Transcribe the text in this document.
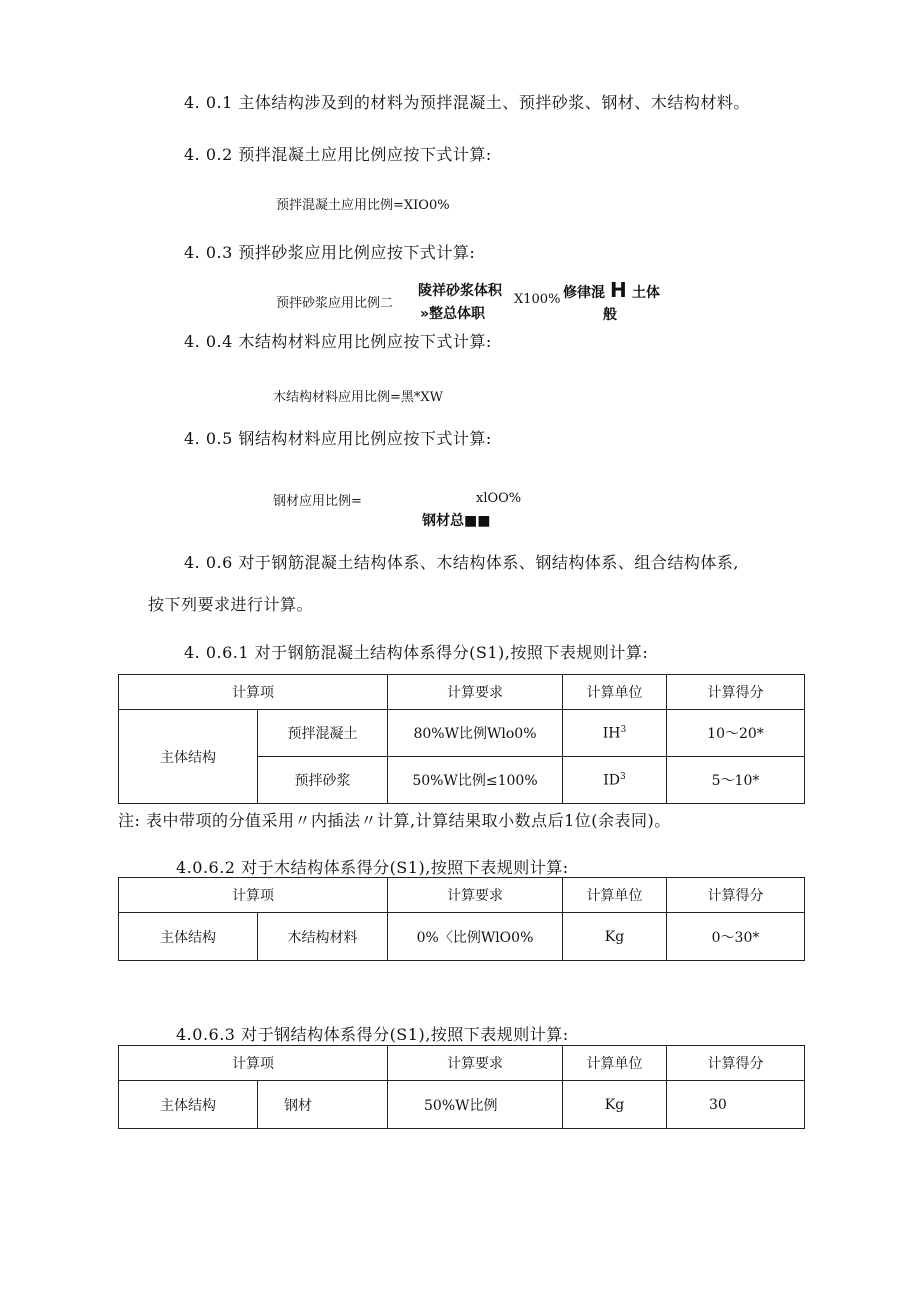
4. 0.1 主体结构涉及到的材料为预拌混凝土、预拌砂浆、钢材、木结构材料。
4. 0.2 预拌混凝土应用比例应按下式计算:
预拌混凝土应用比例=XIO0%
4. 0.3 预拌砂浆应用比例应按下式计算:
预拌砂浆应用比例二
陵祥砂浆体积
»整总体职
X100% 修律混 H 土体
般
4. 0.4 木结构材料应用比例应按下式计算:
木结构材料应用比例=黑*XW
4. 0.5 钢结构材料应用比例应按下式计算:
钢材应用比例=	xlOO%
钢材总■■
4. 0.6 对于钢筋混凝土结构体系、木结构体系、钢结构体系、组合结构体系,
按下列要求进行计算。
4. 0.6.1 对于钢筋混凝土结构体系得分(S1),按照下表规则计算:
计算项		计算要求	计算单位	计算得分
主体结构	预拌混凝土	80%W比例Wlo0%	$IH^3$	10～20*
	预拌砂浆	50%W比例≤100%	$ID^3$	5～10*
注: 表中带项的分值采用〃内插法〃计算,计算结果取小数点后1位(余表同)。
4.0.6.2 对于木结构体系得分(S1),按照下表规则计算:
计算项		计算要求	计算单位	计算得分
主体结构	木结构材料	0%〈比例WlO0%	Kg	0～30*
4.0.6.3 对于钢结构体系得分(S1),按照下表规则计算:
计算项		计算要求	计算单位	计算得分
主体结构	钢材	50%W比例	Kg	30
